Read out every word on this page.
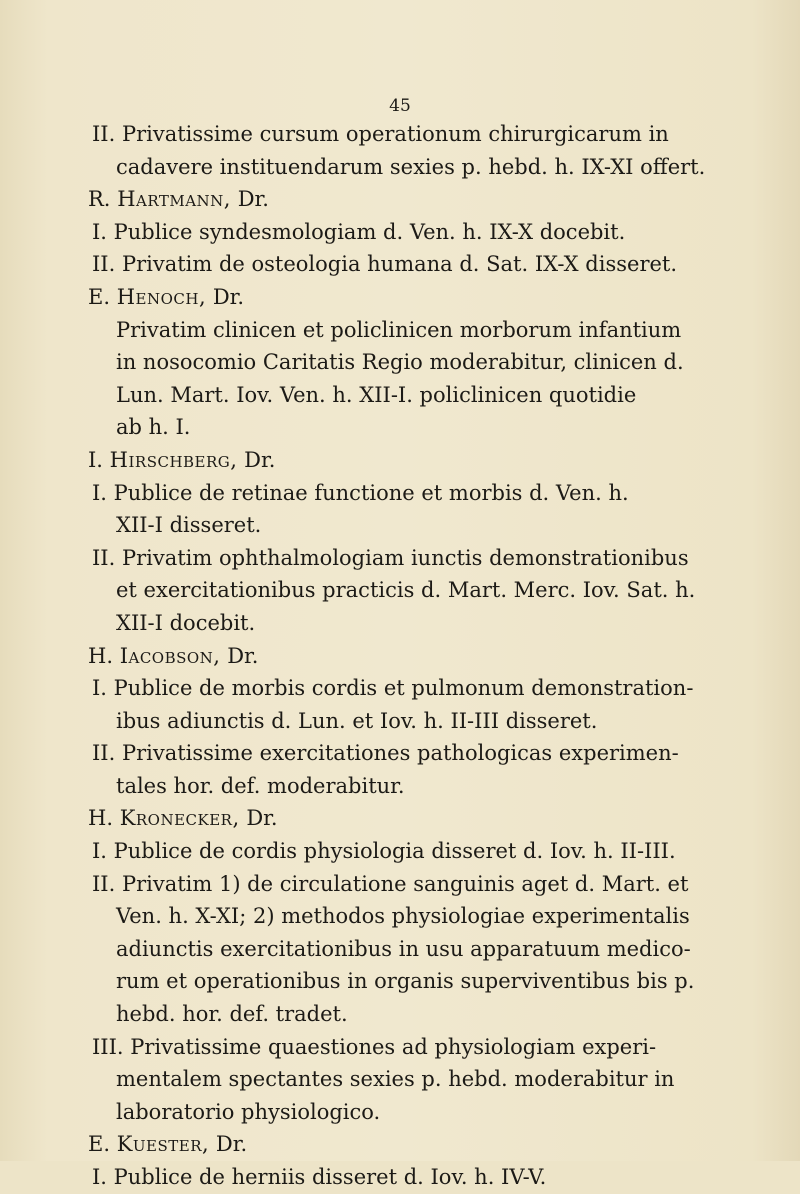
45
II. Privatissime cursum operationum chirurgicarum in
cadavere instituendarum sexies p. hebd. h. IX-XI offert.
R. Hartmann, Dr.
I. Publice syndesmologiam d. Ven. h. IX-X docebit.
II. Privatim de osteologia humana d. Sat. IX-X disseret.
E. Henoch, Dr.
Privatim clinicen et policlinicen morborum infantium
in nosocomio Caritatis Regio moderabitur, clinicen d.
Lun. Mart. Iov. Ven. h. XII-I. policlinicen quotidie
ab h. I.
I. Hirschberg, Dr.
I. Publice de retinae functione et morbis d. Ven. h.
XII-I disseret.
II. Privatim ophthalmologiam iunctis demonstrationibus
et exercitationibus practicis d. Mart. Merc. Iov. Sat. h.
XII-I docebit.
H. Iacobson, Dr.
I. Publice de morbis cordis et pulmonum demonstration-
ibus adiunctis d. Lun. et Iov. h. II-III disseret.
II. Privatissime exercitationes pathologicas experimen-
tales hor. def. moderabitur.
H. Kronecker, Dr.
I. Publice de cordis physiologia disseret d. Iov. h. II-III.
II. Privatim 1) de circulatione sanguinis aget d. Mart. et
Ven. h. X-XI; 2) methodos physiologiae experimentalis
adiunctis exercitationibus in usu apparatuum medico-
rum et operationibus in organis superviventibus bis p.
hebd. hor. def. tradet.
III. Privatissime quaestiones ad physiologiam experi-
mentalem spectantes sexies p. hebd. moderabitur in
laboratorio physiologico.
E. Kuester, Dr.
I. Publice de herniis disseret d. Iov. h. IV-V.
